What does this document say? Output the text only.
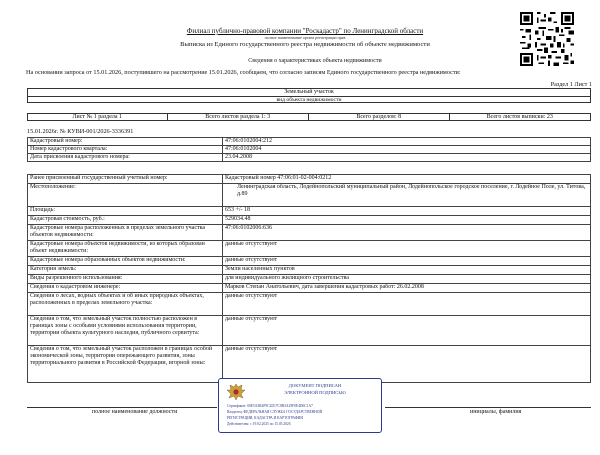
Филиал публично-правовой компании "Роскадастр" по Ленинградской области
полное наименование органа регистрации прав
Выписка из Единого государственного реестра недвижимости об объекте недвижимости
Сведения о характеристиках объекта недвижимости
На основании запроса от 15.01.2026, поступившего на рассмотрение 15.01.2026, сообщаем, что согласно записям Единого государственного реестра недвижимости:
Раздел 1 Лист 1
Земельный участок
вид объекта недвижимости
Лист № 1 раздела 1	Всего листов раздела 1: 3	Всего разделов: 8	Всего листов выписки: 23
15.01.2026г. № КУВИ-001/2026-3336391
Кадастровый номер:	47:06:0102004:212
Номер кадастрового квартала:	47:06:0102004
Дата присвоения кадастрового номера:	23.04.2008
Ранее присвоенный государственный учетный номер:	Кадастровый номер 47:06:01-02-004:0212
Местоположение:	Ленинградская область, Лодейнопольский муниципальный район, Лодейнопольское городское поселение, г. Лодейное Поле, ул. Титова, д.89
Площадь:	653 +/- 18
Кадастровая стоимость, руб.:	529034.48
Кадастровые номера расположенных в пределах земельного участка объектов недвижимости:	47:06:0102006:636
Кадастровые номера объектов недвижимости, из которых образован объект недвижимости:	данные отсутствуют
Кадастровые номера образованных объектов недвижимости:	данные отсутствуют
Категория земель:	Земли населенных пунктов
Виды разрешенного использования:	для индивидуального жилищного строительства
Сведения о кадастровом инженере:	Марков Степан Анатольевич, дата завершения кадастровых работ: 26.02.2008
Сведения о лесах, водных объектах и об иных природных объектах, расположенных в пределах земельного участка:	данные отсутствуют
Сведения о том, что земельный участок полностью расположен в границах зоны с особыми условиями использования территории, территории объекта культурного наследия, публичного сервитута:	данные отсутствуют
Сведения о том, что земельный участок расположен в границах особой экономической зоны, территории опережающего развития, зоны территориального развития в Российской Федерации, игорной зоны:	данные отсутствуют
полное наименование должности	инициалы, фамилия
ДОКУМЕНТ ПОДПИСАН
ЭЛЕКТРОННОЙ ПОДПИСЬЮ
Сертификат: 00E5A3B4F9C2D17C8B3A29F0E4D6C1A7
Владелец: ФЕДЕРАЛЬНАЯ СЛУЖБА ГОСУДАРСТВЕННОЙ
РЕГИСТРАЦИИ, КАДАСТРА И КАРТОГРАФИИ
Действителен: с 19.02.2025 по 15.05.2026
